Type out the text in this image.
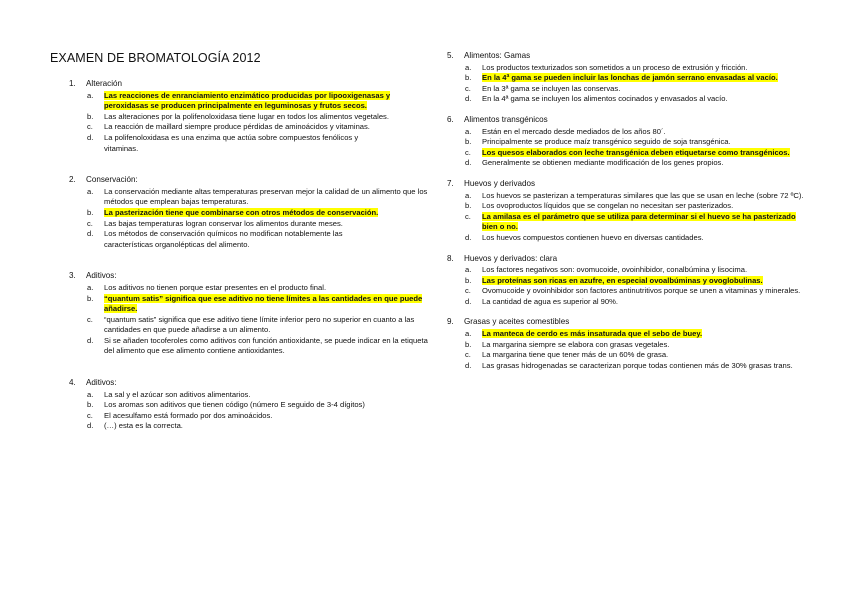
EXAMEN DE BROMATOLOGÍA 2012
1. Alteración
a. Las reacciones de enranciamiento enzimático producidas por lipooxigenasas y peroxidasas se producen principalmente en leguminosas y frutos secos.
b. Las alteraciones por la polifenoloxidasa tiene lugar en todos los alimentos vegetales.
c. La reacción de maillard siempre produce pérdidas de aminoácidos y vitaminas.
d. La polifenoloxidasa es una enzima que actúa sobre compuestos fenólicos y vitaminas.
2. Conservación:
a. La conservación mediante altas temperaturas preservan mejor la calidad de un alimento que los métodos que emplean bajas temperaturas.
b. La pasterización tiene que combinarse con otros métodos de conservación.
c. Las bajas temperaturas logran conservar los alimentos durante meses.
d. Los métodos de conservación químicos no modifican notablemente las características organolépticas del alimento.
3. Aditivos:
a. Los aditivos no tienen porque estar presentes en el producto final.
b. “quantum satis” significa que ese aditivo no tiene límites a las cantidades en que puede añadirse.
c. “quantum satis” significa que ese aditivo tiene límite inferior pero no superior en cuanto a las cantidades en que puede añadirse a un alimento.
d. Si se añaden tocoferoles como aditivos con función antioxidante, se puede indicar en la etiqueta del alimento que ese alimento contiene antioxidantes.
4. Aditivos:
a. La sal y el azúcar son aditivos alimentarios.
b. Los aromas son aditivos que tienen código (número E seguido de 3-4 dígitos)
c. El acesulfamo está formado por dos aminoácidos.
d. (…) esta es la correcta.
5. Alimentos: Gamas
a. Los productos texturizados son sometidos a un proceso de extrusión y fricción.
b. En la 4ª gama se pueden incluir las lonchas de jamón serrano envasadas al vacío.
c. En la 3ª gama se incluyen las conservas.
d. En la 4ª gama se incluyen los alimentos cocinados y envasados al vacío.
6. Alimentos transgénicos
a. Están en el mercado desde mediados de los años 80´.
b. Principalmente se produce maíz transgénico seguido de soja transgénica.
c. Los quesos elaborados con leche transgénica deben etiquetarse como transgénicos.
d. Generalmente se obtienen mediante modificación de los genes propios.
7. Huevos y derivados
a. Los huevos se pasterizan a temperaturas similares que las que se usan en leche (sobre 72 ºC).
b. Los ovoproductos líquidos que se congelan no necesitan ser pasterizados.
c. La amilasa es el parámetro que se utiliza para determinar si el huevo se ha pasterizado bien o no.
d. Los huevos compuestos contienen huevo en diversas cantidades.
8. Huevos y derivados: clara
a. Los factores negativos son: ovomucoide, ovoinhibidor, conalbúmina y lisocima.
b. Las proteínas son ricas en azufre, en especial ovoalbúminas y ovoglobulinas.
c. Ovomucoide y ovoinhibidor son factores antinutritivos porque se unen a vitaminas y minerales.
d. La cantidad de agua es superior al 90%.
9. Grasas y aceites comestibles
a. La manteca de cerdo es más insaturada que el sebo de buey.
b. La margarina siempre se elabora con grasas vegetales.
c. La margarina tiene que tener más de un 60% de grasa.
d. Las grasas hidrogenadas se caracterizan porque todas contienen más de 30% grasas trans.
